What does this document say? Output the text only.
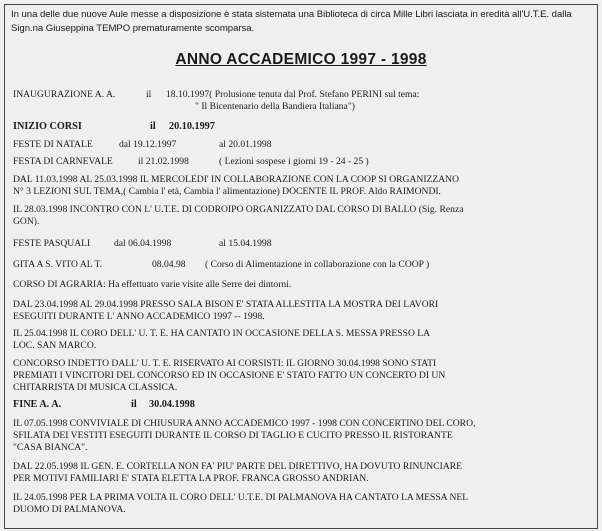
In una delle due nuove Aule messe a disposizione è stata sistemata una Biblioteca di circa Mille Libri lasciata in eredità all'U.T.E. dalla Sign.na Giuseppina TEMPO prematuramente scomparsa.
ANNO ACCADEMICO 1997 - 1998
INAUGURAZIONE A. A.	il 18.10.1997( Prolusione tenuta dal Prof. Stefano PERINI sul tema:
" Il Bicentenario della Bandiera Italiana")
INIZIO CORSI	il 20.10.1997
FESTE DI NATALE	dal 19.12.1997	al 20.01.1998
FESTA DI CARNEVALE	il 21.02.1998	( Lezioni sospese i giorni 19 - 24 - 25 )
DAL 11.03.1998 AL 25.03.1998 IL MERCOLEDI' IN COLLABORAZIONE CON LA COOP SI ORGANIZZANO
N° 3 LEZIONI SUL TEMA,( Cambia l' età, Cambia l' alimentazione) DOCENTE IL PROF. Aldo RAIMONDI.
IL 28.03.1998 INCONTRO CON L' U.T.E. DI CODROIPO ORGANIZZATO DAL CORSO DI BALLO (Sig. Renza
GON).
FESTE PASQUALI dal 06.04.1998	al 15.04.1998
GITA A S. VITO AL T.	08.04.98 ( Corso di Alimentazione in collaborazione con la COOP )
CORSO DI AGRARIA: Ha effettuato varie visite alle Serre dei dintorni.
DAL 23.04.1998 AL 29.04.1998 PRESSO SALA BISON E' STATA ALLESTITA LA MOSTRA DEI LAVORI
ESEGUITI DURANTE L' ANNO ACCADEMICO 1997 -- 1998.
IL 25.04.1998 IL CORO DELL' U. T. E. HA CANTATO IN OCCASIONE DELLA S. MESSA PRESSO LA
LOC. SAN MARCO.
CONCORSO INDETTO DALL' U. T. E. RISERVATO AI CORSISTI: IL GIORNO 30.04.1998 SONO STATI
PREMIATI I VINCITORI DEL CONCORSO ED IN OCCASIONE E' STATO FATTO UN CONCERTO DI UN
CHITARRISTA DI MUSICA CLASSICA.
FINE A. A.	il 30.04.1998
IL 07.05.1998 CONVIVIALE DI CHIUSURA ANNO ACCADEMICO 1997 - 1998 CON CONCERTINO DEL CORO,
SFILATA DEI VESTITI ESEGUITI DURANTE IL CORSO DI TAGLIO E CUCITO PRESSO IL RISTORANTE
"CASA BIANCA".
DAL 22.05.1998 IL GEN. E. CORTELLA NON FA' PIU' PARTE DEL DIRETTIVO, HA DOVUTO RINUNCIARE
PER MOTIVI FAMILIARI E' STATA ELETTA LA PROF. FRANCA GROSSO ANDRIAN.
IL 24.05.1998 PER LA PRIMA VOLTA IL CORO DELL' U.T.E. DI PALMANOVA HA CANTATO LA MESSA NEL
DUOMO DI PALMANOVA.
